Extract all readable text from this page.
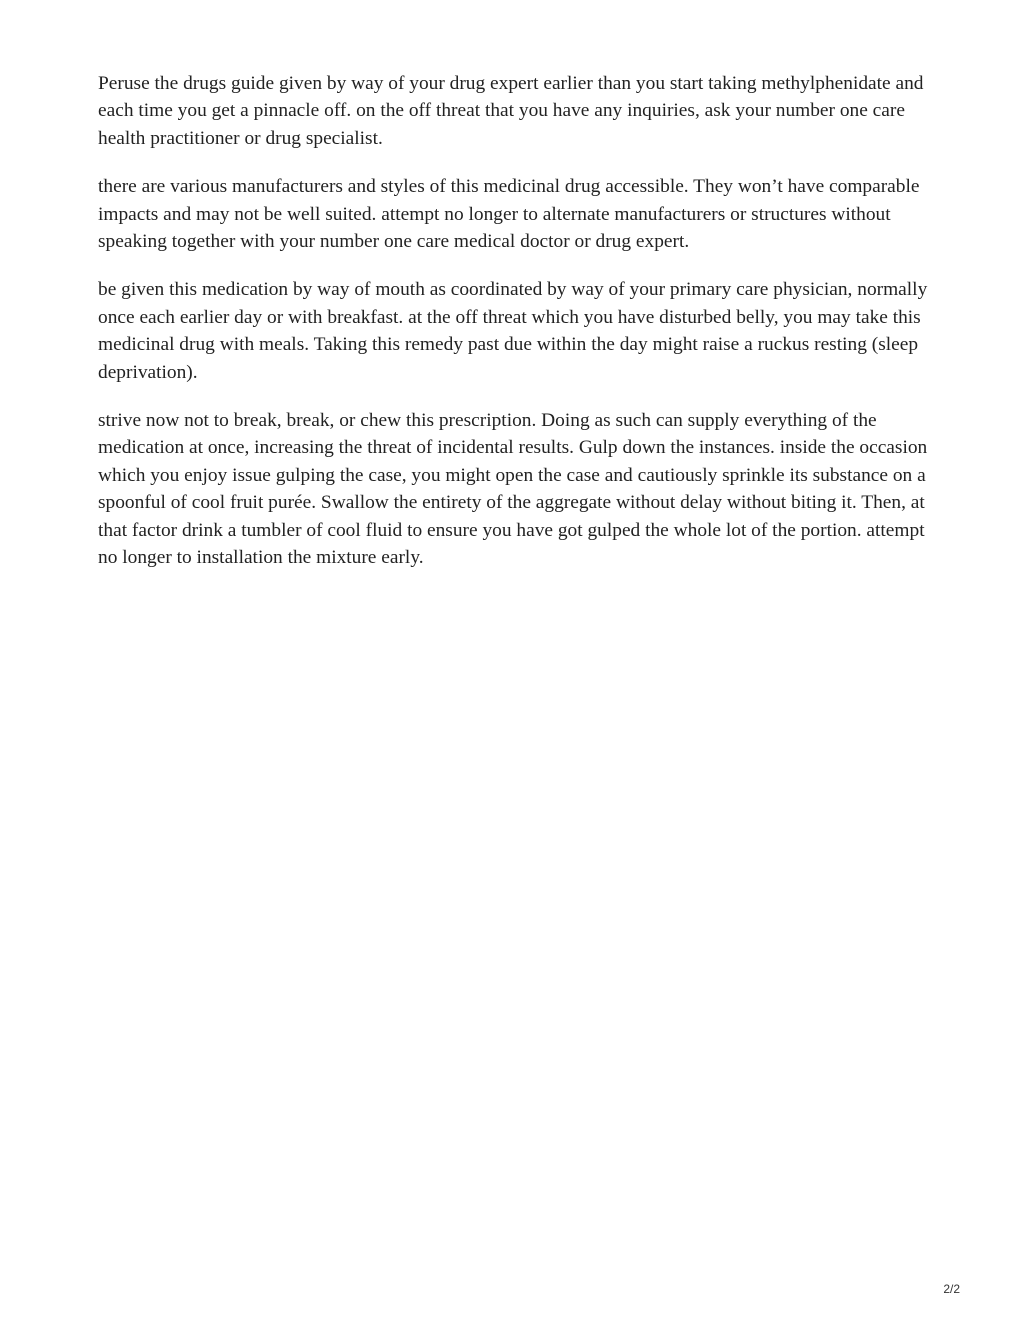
Peruse the drugs guide given by way of your drug expert earlier than you start taking methylphenidate and each time you get a pinnacle off. on the off threat that you have any inquiries, ask your number one care health practitioner or drug specialist.

there are various manufacturers and styles of this medicinal drug accessible. They won’t have comparable impacts and may not be well suited. attempt no longer to alternate manufacturers or structures without speaking together with your number one care medical doctor or drug expert.

be given this medication by way of mouth as coordinated by way of your primary care physician, normally once each earlier day or with breakfast. at the off threat which you have disturbed belly, you may take this medicinal drug with meals. Taking this remedy past due within the day might raise a ruckus resting (sleep deprivation).

strive now not to break, break, or chew this prescription. Doing as such can supply everything of the medication at once, increasing the threat of incidental results. Gulp down the instances. inside the occasion which you enjoy issue gulping the case, you might open the case and cautiously sprinkle its substance on a spoonful of cool fruit purée. Swallow the entirety of the aggregate without delay without biting it. Then, at that factor drink a tumbler of cool fluid to ensure you have got gulped the whole lot of the portion. attempt no longer to installation the mixture early.

2/2
